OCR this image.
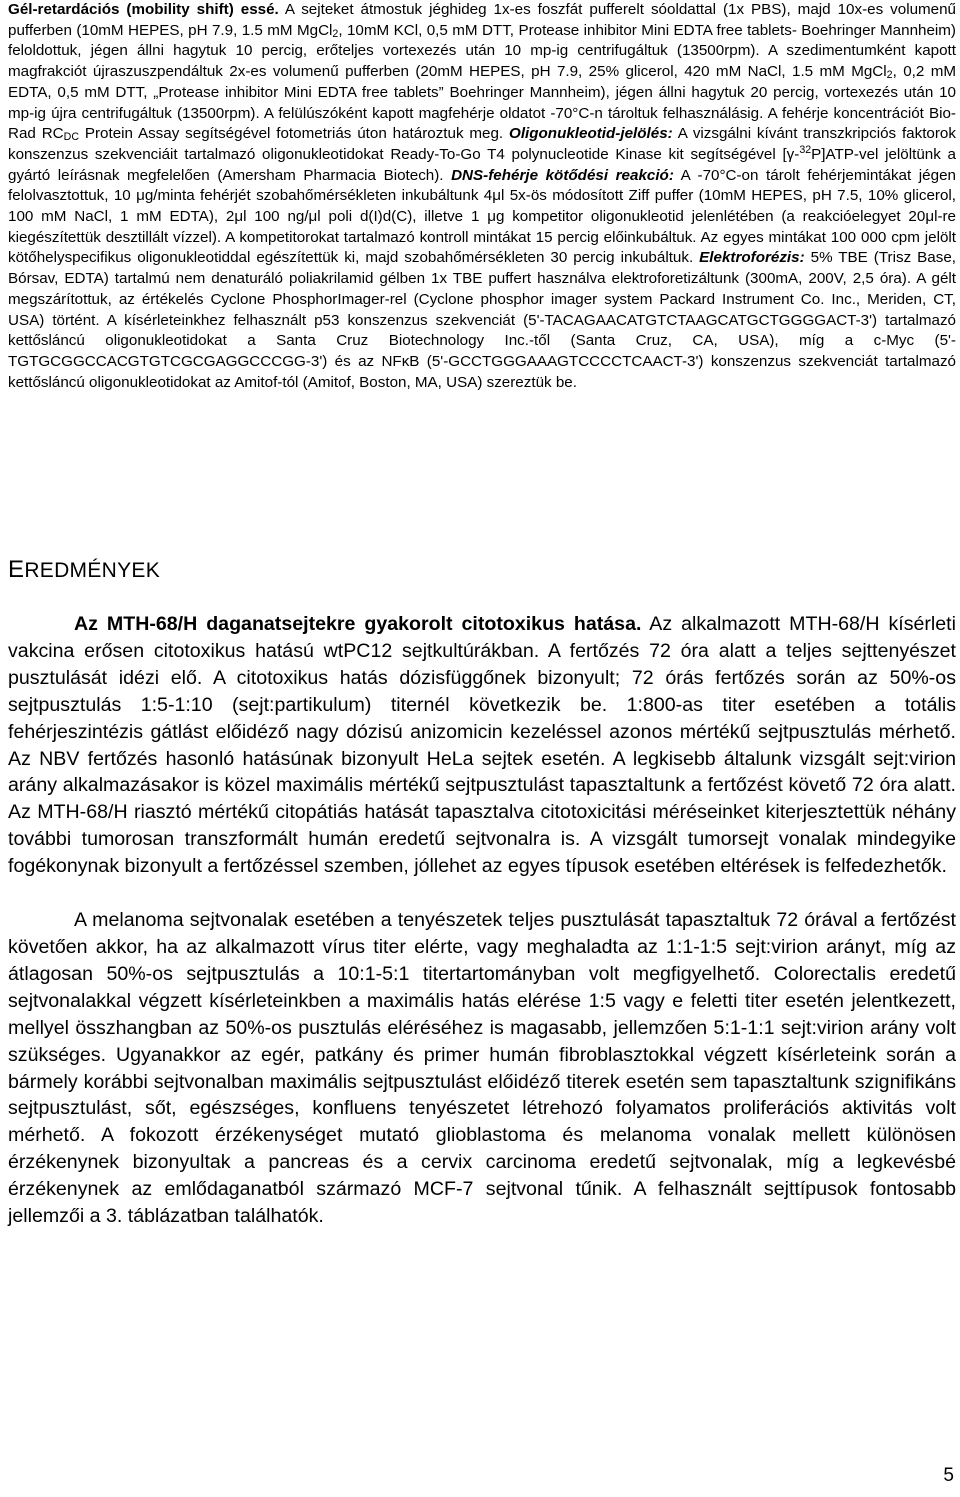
Gél-retardációs (mobility shift) essé. A sejteket átmostuk jéghideg 1x-es foszfát pufferelt sóoldattal (1x PBS), majd 10x-es volumenű pufferben (10mM HEPES, pH 7.9, 1.5 mM MgCl$_2$, 10mM KCl, 0,5 mM DTT, Protease inhibitor Mini EDTA free tablets- Boehringer Mannheim) feloldottuk, jégen állni hagytuk 10 percig, erőteljes vortexezés után 10 mp-ig centrifugáltuk (13500rpm). A szedimentumként kapott magfrakciót újraszuszpendáltuk 2x-es volumenű pufferben (20mM HEPES, pH 7.9, 25% glicerol, 420 mM NaCl, 1.5 mM MgCl$_2$, 0,2 mM EDTA, 0,5 mM DTT, „Protease inhibitor Mini EDTA free tablets” Boehringer Mannheim), jégen állni hagytuk 20 percig, vortexezés után 10 mp-ig újra centrifugáltuk (13500rpm). A felülúszóként kapott magfehérje oldatot -70°C-n tároltuk felhasználásig. A fehérje koncentrációt Bio-Rad $RC_{DC}$ Protein Assay segítségével fotometriás úton határoztuk meg. Oligonukleotid-jelölés: A vizsgálni kívánt transzkripciós faktorok konszenzus szekvenciáit tartalmazó oligonukleotidokat Ready-To-Go T4 polynucleotide Kinase kit segítségével [γ-$^{32}$P]ATP-vel jelöltünk a gyártó leírásnak megfelelően (Amersham Pharmacia Biotech). DNS-fehérje kötődési reakció: A -70°C-on tárolt fehérjemintákat jégen felolvasztottuk, 10 μg/minta fehérjét szobahőmérsékleten inkubáltunk 4μl 5x-ös módosított Ziff puffer (10mM HEPES, pH 7.5, 10% glicerol, 100 mM NaCl, 1 mM EDTA), 2μl 100 ng/μl poli d(I)d(C), illetve 1 μg kompetitor oligonukleotid jelenlétében (a reakcióelegyet 20μl-re kiegészítettük desztillált vízzel). A kompetitorokat tartalmazó kontroll mintákat 15 percig előinkubáltuk. Az egyes mintákat 100 000 cpm jelölt kötőhelyspecifikus oligonukleotiddal egészítettük ki, majd szobahőmérsékleten 30 percig inkubáltuk. Elektroforézis: 5% TBE (Trisz Base, Bórsav, EDTA) tartalmú nem denaturáló poliakrilamid gélben 1x TBE puffert használva elektroforetizáltunk (300mA, 200V, 2,5 óra). A gélt megszárítottuk, az értékelés Cyclone PhosphorImager-rel (Cyclone phosphor imager system Packard Instrument Co. Inc., Meriden, CT, USA) történt. A kísérleteinkhez felhasznált p53 konszenzus szekvenciát (5'-TACAGAACATGTCTAAGCATGCTGGGGACT-3') tartalmazó kettősláncú oligonukleotidokat a Santa Cruz Biotechnology Inc.-től (Santa Cruz, CA, USA), míg a c-Myc (5'-TGTGCGGCCACGTGTCGCGAGGCCCGG-3') és az NFκB (5'-GCCTGGGAAAGTCCCCTCAACT-3') konszenzus szekvenciát tartalmazó kettősláncú oligonukleotidokat az Amitof-tól (Amitof, Boston, MA, USA) szereztük be.

EREDMÉNYEK

Az MTH-68/H daganatsejtekre gyakorolt citotoxikus hatása. Az alkalmazott MTH-68/H kísérleti vakcina erősen citotoxikus hatású wtPC12 sejtkultúrákban. A fertőzés 72 óra alatt a teljes sejttenyészet pusztulását idézi elő. A citotoxikus hatás dózisfüggőnek bizonyult; 72 órás fertőzés során az 50%-os sejtpusztulás 1:5-1:10 (sejt:partikulum) titernél következik be. 1:800-as titer esetében a totális fehérjeszintézis gátlást előidéző nagy dózisú anizomicin kezeléssel azonos mértékű sejtpusztulás mérhető. Az NBV fertőzés hasonló hatásúnak bizonyult HeLa sejtek esetén. A legkisebb általunk vizsgált sejt:virion arány alkalmazásakor is közel maximális mértékű sejtpusztulást tapasztaltunk a fertőzést követő 72 óra alatt. Az MTH-68/H riasztó mértékű citopátiás hatását tapasztalva citotoxicitási méréseinket kiterjesztettük néhány további tumorosan transzformált humán eredetű sejtvonalra is. A vizsgált tumorsejt vonalak mindegyike fogékonynak bizonyult a fertőzéssel szemben, jóllehet az egyes típusok esetében eltérések is felfedezhetők.

A melanoma sejtvonalak esetében a tenyészetek teljes pusztulását tapasztaltuk 72 órával a fertőzést követően akkor, ha az alkalmazott vírus titer elérte, vagy meghaladta az 1:1-1:5 sejt:virion arányt, míg az átlagosan 50%-os sejtpusztulás a 10:1-5:1 titertartományban volt megfigyelhető. Colorectalis eredetű sejtvonalakkal végzett kísérleteinkben a maximális hatás elérése 1:5 vagy e feletti titer esetén jelentkezett, mellyel összhangban az 50%-os pusztulás eléréséhez is magasabb, jellemzően 5:1-1:1 sejt:virion arány volt szükséges. Ugyanakkor az egér, patkány és primer humán fibroblasztokkal végzett kísérleteink során a bármely korábbi sejtvonalban maximális sejtpusztulást előidéző titerek esetén sem tapasztaltunk szignifikáns sejtpusztulást, sőt, egészséges, konfluens tenyészetet létrehozó folyamatos proliferációs aktivitás volt mérhető. A fokozott érzékenységet mutató glioblastoma és melanoma vonalak mellett különösen érzékenynek bizonyultak a pancreas és a cervix carcinoma eredetű sejtvonalak, míg a legkevésbé érzékenynek az emlődaganatból származó MCF-7 sejtvonal tűnik. A felhasznált sejttípusok fontosabb jellemzői a 3. táblázatban találhatók.

5
